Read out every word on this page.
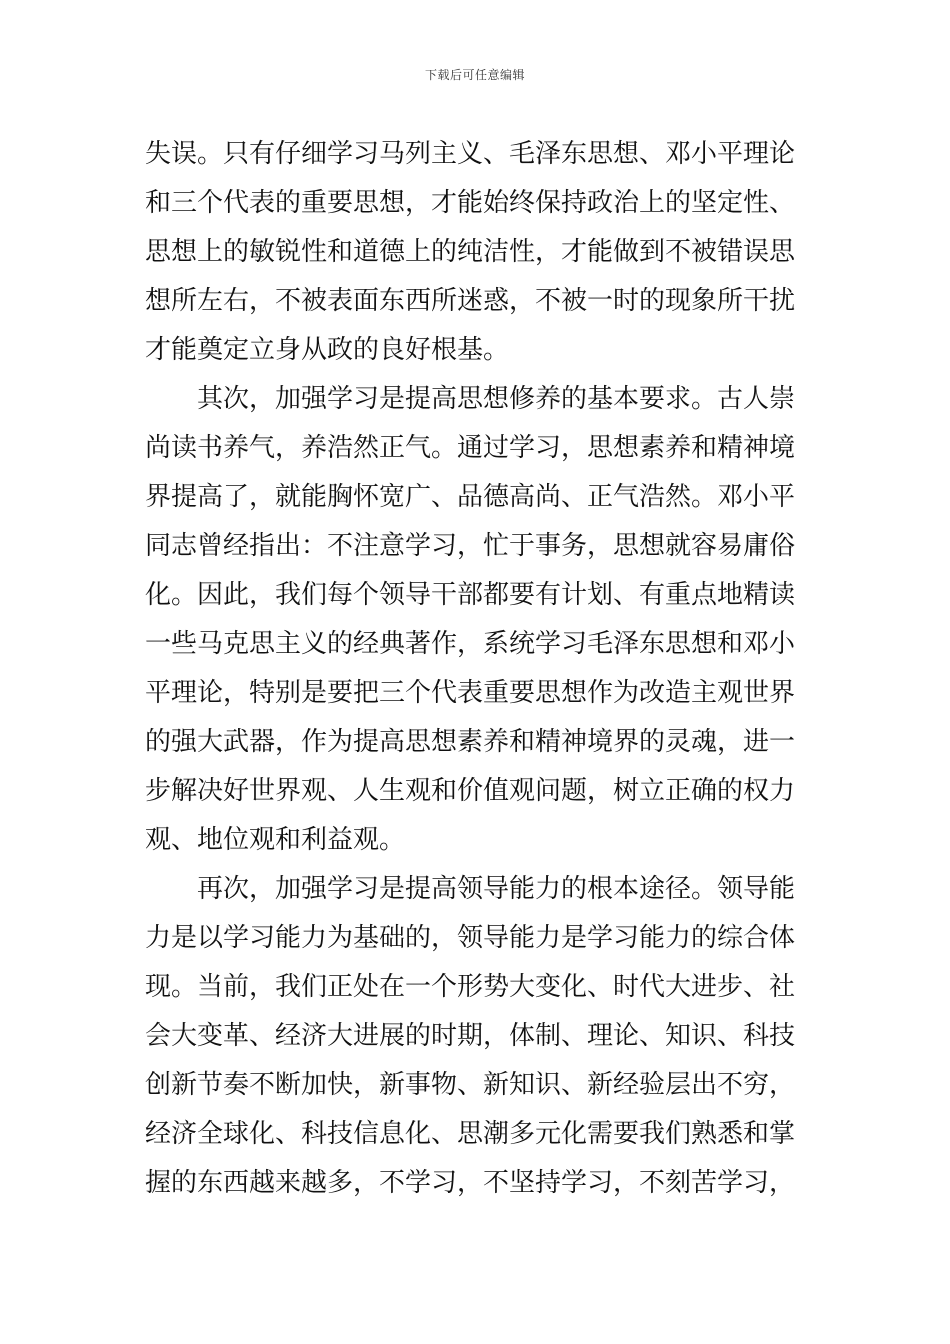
下载后可任意编辑
失误。只有仔细学习马列主义、毛泽东思想、邓小平理论
和三个代表的重要思想，才能始终保持政治上的坚定性、
思想上的敏锐性和道德上的纯洁性，才能做到不被错误思
想所左右，不被表面东西所迷惑，不被一时的现象所干扰
才能奠定立身从政的良好根基。
其次，加强学习是提高思想修养的基本要求。古人崇
尚读书养气，养浩然正气。通过学习，思想素养和精神境
界提高了，就能胸怀宽广、品德高尚、正气浩然。邓小平
同志曾经指出：不注意学习，忙于事务，思想就容易庸俗
化。因此，我们每个领导干部都要有计划、有重点地精读
一些马克思主义的经典著作，系统学习毛泽东思想和邓小
平理论，特别是要把三个代表重要思想作为改造主观世界
的强大武器，作为提高思想素养和精神境界的灵魂，进一
步解决好世界观、人生观和价值观问题，树立正确的权力
观、地位观和利益观。
再次，加强学习是提高领导能力的根本途径。领导能
力是以学习能力为基础的，领导能力是学习能力的综合体
现。当前，我们正处在一个形势大变化、时代大进步、社
会大变革、经济大进展的时期，体制、理论、知识、科技
创新节奏不断加快，新事物、新知识、新经验层出不穷，
经济全球化、科技信息化、思潮多元化需要我们熟悉和掌
握的东西越来越多，不学习，不坚持学习，不刻苦学习，
